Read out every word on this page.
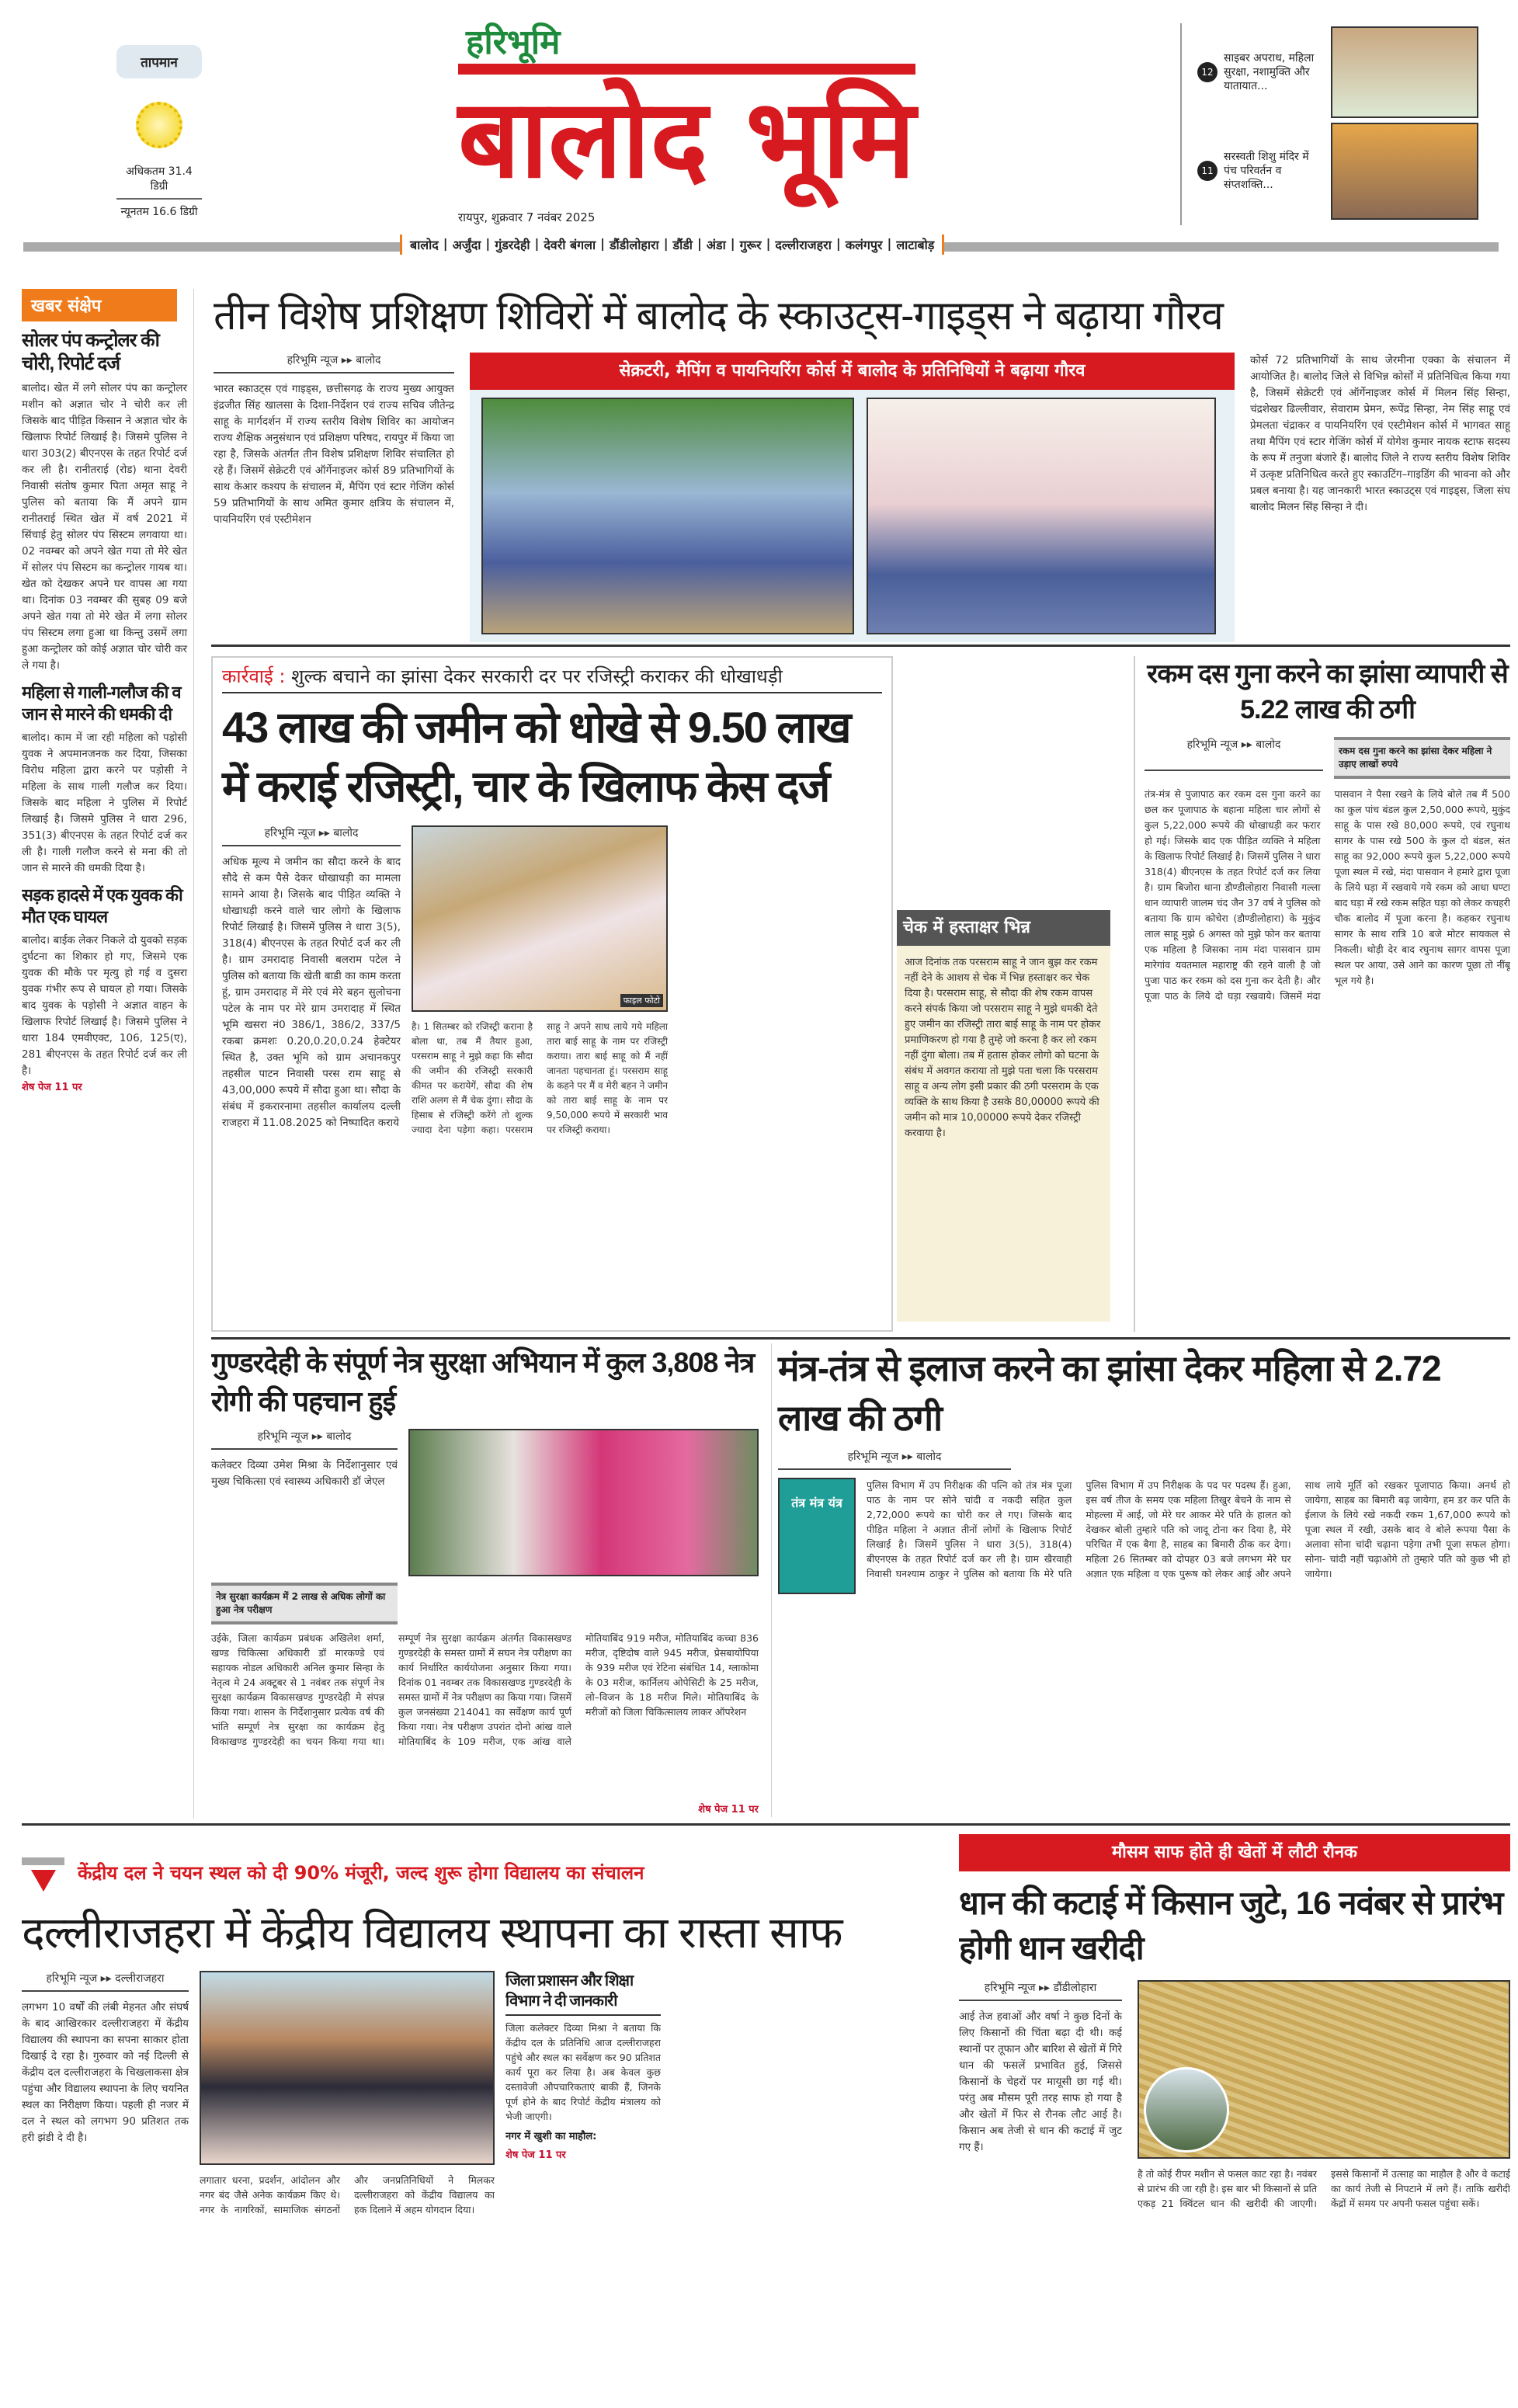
तापमान
अधिकतम 31.4 डिग्री
न्यूनतम 16.6 डिग्री
हरिभूमि
बालोद भूमि
रायपुर, शुक्रवार 7 नवंबर 2025
12
साइबर अपराध, महिला सुरक्षा, नशामुक्ति और यातायात...
11
सरस्वती शिशु मंदिर में पंच परिवर्तन व संप्तशक्ति...
बालोद | अर्जुंदा | गुंडरदेही | देवरी बंगला | डौंडीलोहारा | डौंडी | अंडा | गुरूर | दल्लीराजहरा | कलंगपुर | लाटाबोड़
खबर संक्षेप
सोलर पंप कन्ट्रोलर की चोरी, रिपोर्ट दर्ज
बालोद। खेत में लगे सोलर पंप का कन्ट्रोलर मशीन को अज्ञात चोर ने चोरी कर ली जिसके बाद पीड़ित किसान ने अज्ञात चोर के खिलाफ रिपोर्ट लिखाई है। जिसमे पुलिस ने धारा 303(2) बीएनएस के तहत रिपोर्ट दर्ज कर ली है। रानीतराई (रोड) थाना देवरी निवासी संतोष कुमार पिता अमृत साहू ने पुलिस को बताया कि मैं अपने ग्राम रानीतराई स्थित खेत में वर्ष 2021 में सिंचाई हेतु सोलर पंप सिस्टम लगवाया था। 02 नवम्बर को अपने खेत गया तो मेरे खेत में सोलर पंप सिस्टम का कन्ट्रोलर गायब था। खेत को देखकर अपने घर वापस आ गया था। दिनांक 03 नवम्बर की सुबह 09 बजे अपने खेत गया तो मेरे खेत में लगा सोलर पंप सिस्टम लगा हुआ था किन्तु उसमें लगा हुआ कन्ट्रोलर को कोई अज्ञात चोर चोरी कर ले गया है।
महिला से गाली-गलौज की व जान से मारने की धमकी दी
बालोद। काम में जा रही महिला को पड़ोसी युवक ने अपमानजनक कर दिया, जिसका विरोध महिला द्वारा करने पर पड़ोसी ने महिला के साथ गाली गलौज कर दिया। जिसके बाद महिला ने पुलिस में रिपोर्ट लिखाई है। जिसमे पुलिस ने धारा 296, 351(3) बीएनएस के तहत रिपोर्ट दर्ज कर ली है। गाली गलौज करने से मना की तो जान से मारने की धमकी दिया है।
सड़क हादसे में एक युवक की मौत एक घायल
बालोद। बाईक लेकर निकले दो युवको सड़क दुर्घटना का शिकार हो गए, जिसमे एक युवक की मौके पर मृत्यु हो गई व दुसरा युवक गंभीर रूप से घायल हो गया। जिसके बाद युवक के पड़ोसी ने अज्ञात वाहन के खिलाफ रिपोर्ट लिखाई है। जिसमे पुलिस ने धारा 184 एमवीएक्ट, 106, 125(ए), 281 बीएनएस के तहत रिपोर्ट दर्ज कर ली है।
शेष पेज 11 पर
तीन विशेष प्रशिक्षण शिविरों में बालोद के स्काउट्स-गाइड्स ने बढ़ाया गौरव
हरिभूमि न्यूज ▸▸ बालोद
भारत स्काउट्स एवं गाइड्स, छत्तीसगढ़ के राज्य मुख्य आयुक्त इंद्रजीत सिंह खालसा के दिशा-निर्देशन एवं राज्य सचिव जीतेन्द्र साहू के मार्गदर्शन में राज्य स्तरीय विशेष शिविर का आयोजन राज्य शैक्षिक अनुसंधान एवं प्रशिक्षण परिषद, रायपुर में किया जा रहा है, जिसके अंतर्गत तीन विशेष प्रशिक्षण शिविर संचालित हो रहे हैं। जिसमें सेक्रेटरी एवं ऑर्गेनाइजर कोर्स 89 प्रतिभागियों के साथ केआर कश्यप के संचालन में, मैपिंग एवं स्टार गेजिंग कोर्स 59 प्रतिभागियों के साथ अमित कुमार क्षत्रिय के संचालन में, पायनियरिंग एवं एस्टीमेशन
सेक्रटरी, मैपिंग व पायनियरिंग कोर्स में बालोद के प्रतिनिधियों ने बढ़ाया गौरव
कोर्स 72 प्रतिभागियों के साथ जेरमीना एक्का के संचालन में आयोजित है। बालोद जिले से विभिन्न कोर्सों में प्रतिनिधित्व किया गया है, जिसमें सेक्रेटरी एवं ऑर्गेनाइजर कोर्स में मिलन सिंह सिन्हा, चंद्रशेखर ढिल्लीवार, सेवाराम प्रेमन, रूपेंद्र सिन्हा, नेम सिंह साहू एवं प्रेमलता चंद्राकर व पायनियरिंग एवं एस्टीमेशन कोर्स में भागवत साहू तथा मैपिंग एवं स्टार गेजिंग कोर्स में योगेश कुमार नायक स्टाफ सदस्य के रूप में तनुजा बंजारे हैं। बालोद जिले ने राज्य स्तरीय विशेष शिविर में उत्कृष्ट प्रतिनिधित्व करते हुए स्काउटिंग–गाइडिंग की भावना को और प्रबल बनाया है। यह जानकारी भारत स्काउट्स एवं गाइड्स, जिला संघ बालोद मिलन सिंह सिन्हा ने दी।
कार्रवाई : शुल्क बचाने का झांसा देकर सरकारी दर पर रजिस्ट्री कराकर की धोखाधड़ी
43 लाख की जमीन को धोखे से 9.50 लाख में कराई रजिस्ट्री, चार के खिलाफ केस दर्ज
हरिभूमि न्यूज ▸▸ बालोद
अधिक मूल्य मे जमीन का सौदा करने के बाद सौदे से कम पैसे देकर धोखाधड़ी का मामला सामने आया है। जिसके बाद पीड़ित व्यक्ति ने धोखाधड़ी करने वाले चार लोगो के खिलाफ रिपोर्ट लिखाई है। जिसमें पुलिस ने धारा 3(5), 318(4) बीएनएस के तहत रिपोर्ट दर्ज कर ली है। ग्राम उमरादाह निवासी बलराम पटेल ने पुलिस को बताया कि खेती बाडी का काम करता हूं, ग्राम उमरादाह में मेरे एवं मेरे बहन सुलोचना पटेल के नाम पर मेरे ग्राम उमरादाह में स्थित भूमि खसरा नं0 386/1, 386/2, 337/5 रकबा क्रमशः 0.20,0.20,0.24 हेक्टेयर स्थित है, उक्त भूमि को ग्राम अचानकपुर तहसील पाटन निवासी परस राम साहू से 43,00,000 रूपये में सौदा हुआ था। सौदा के संबंध में इकरारनामा तहसील कार्यालय दल्ली राजहरा में 11.08.2025 को निष्पादित कराये
फाइल फोटो
है। 1 सितम्बर को रजिस्ट्री कराना है बोला था, तब मैं तैयार हुआ, परसराम साहू ने मुझे कहा कि सौदा की जमीन की रजिस्ट्री सरकारी कीमत पर करायेगें, सौदा की शेष राशि अलग से मैं चेक दुंगा। सौदा के हिसाब से रजिस्ट्री करेंगे तो शुल्क ज्यादा देना पड़ेगा कहा। परसराम साहू ने अपने साथ लाये गये महिला तारा बाई साहू के नाम पर रजिस्ट्री कराया। तारा बाई साहू को मैं नहीं जानता पहचानता हूं। परसराम साहू के कहने पर मैं व मेरी बहन ने जमीन को तारा बाई साहू के नाम पर 9,50,000 रूपये में सरकारी भाव पर रजिस्ट्री कराया।
चेक में हस्ताक्षर भिन्न
आज दिनांक तक परसराम साहू ने जान बुझ कर रकम नहीं देने के आशय से चेक में भिन्न हस्ताक्षर कर चेक दिया है। परसराम साहू, से सौदा की शेष रकम वापस करने संपर्क किया जो परसराम साहू ने मुझे धमकी देते हुए जमीन का रजिस्ट्री तारा बाई साहू के नाम पर होकर प्रमाणिकरण हो गया है तुम्हे जो करना है कर लो रकम नहीं दुंगा बोला। तब में हतास होकर लोगो को घटना के संबंध में अवगत कराया तो मुझे पता चला कि परसराम साहू व अन्य लोग इसी प्रकार की ठगी परसराम के एक व्यक्ति के साथ किया है उसके 80,00000 रूपये की जमीन को मात्र 10,00000 रूपये देकर रजिस्ट्री करवाया है।
रकम दस गुना करने का झांसा व्यापारी से 5.22 लाख की ठगी
हरिभूमि न्यूज ▸▸ बालोद	रकम दस गुना करने का झांसा देकर महिला ने उड़ाए लाखों रुपये
तंत्र-मंत्र से पुजापाठ कर रकम दस गुना करने का छल कर पूजापाठ के बहाना महिला चार लोगों से कुल 5,22,000 रूपये की धोखाधड़ी कर फरार हो गई। जिसके बाद एक पीड़ित व्यक्ति ने महिला के खिलाफ रिपोर्ट लिखाई है। जिसमें पुलिस ने धारा 318(4) बीएनएस के तहत रिपोर्ट दर्ज कर लिया है। ग्राम बिजोरा थाना डौण्डीलोहारा निवासी गल्ला धान व्यापारी जालम चंद जैन 37 वर्ष ने पुलिस को बताया कि ग्राम कोचेरा (डौण्डीलोहारा) के मुकुंद लाल साहू मुझे 6 अगस्त को मुझे फोन कर बताया एक महिला है जिसका नाम मंदा पासवान ग्राम मारेगांव यवतमाल महाराष्ट्र की रहने वाली है जो पुजा पाठ कर रकम को दस गुना कर देती है। और पूजा पाठ के लिये दो घड़ा रखवाये। जिसमें मंदा पासवान ने पैसा रखने के लिये बोले तब मैं 500 का कुल पांच बंडल कुल 2,50,000 रूपये, मुकुंद साहू के पास रखे 80,000 रूपये, एवं रघुनाथ सागर के पास रखे 500 के कुल दो बंडल, संत साहू का 92,000 रूपये कुल 5,22,000 रूपये पूजा स्थल में रखे, मंदा पासवान ने हमारे द्वारा पूजा के लिये घड़ा में रखवाये गये रकम को आधा घण्टा बाद घड़ा में रखे रकम सहित घड़ा को लेकर कचहरी चौक बालोद में पूजा करना है। कहकर रघुनाथ सागर के साथ रात्रि 10 बजे मोटर सायकल से निकली। थोड़ी देर बाद रघुनाथ सागर वापस पूजा स्थल पर आया, उसे आने का कारण पूछा तो नींबू भूल गये है।
गुण्डरदेही के संपूर्ण नेत्र सुरक्षा अभियान में कुल 3,808 नेत्र रोगी की पहचान हुई
हरिभूमि न्यूज ▸▸ बालोद
कलेक्टर दिव्या उमेश मिश्रा के निर्देशानुसार एवं मुख्य चिकित्सा एवं स्वास्थ्य अधिकारी डॉ जेएल
नेत्र सुरक्षा कार्यक्रम में 2 लाख से अधिक लोगों का हुआ नेत्र परीक्षण
उईके, जिला कार्यक्रम प्रबंधक अखिलेश शर्मा, खण्ड चिकित्सा अधिकारी डॉ मारकण्डे एवं सहायक नोडल अधिकारी अनिल कुमार सिन्हा के नेतृत्व मे 24 अक्टूबर से 1 नवंबर तक संपूर्ण नेत्र सुरक्षा कार्यक्रम विकासखण्ड गुण्डरदेही मे संपन्न किया गया। शासन के निर्देशानुसार प्रत्येक वर्ष की भांति सम्पूर्ण नेत्र सुरक्षा का कार्यक्रम हेतु विकाखण्ड गुण्डरदेही का चयन किया गया था। सम्पूर्ण नेत्र सुरक्षा कार्यक्रम अंतर्गत विकासखण्ड गुण्डरदेही के समस्त ग्रामों में सघन नेत्र परीक्षण का कार्य निर्धारित कार्ययोजना अनुसार किया गया। दिनांक 01 नवम्बर तक विकासखण्ड गुण्डरदेही के समस्त ग्रामों में नेत्र परीक्षण का किया गया। जिसमें कुल जनसंख्या 214041 का सर्वेक्षण कार्य पूर्ण किया गया। नेत्र परीक्षण उपरांत दोनो आंख वाले मोतियाबिंद के 109 मरीज, एक आंख वाले मोतियाबिंद 919 मरीज, मोतियाबिंद कच्चा 836 मरीज, दृष्टिदोष वाले 945 मरीज, प्रेसबायोपिया के 939 मरीज एवं रेटिना संबंधित 14, ग्लाकोमा के 03 मरीज, कार्निलय ओपेसिटी के 25 मरीज, लो–विजन के 18 मरीज मिले। मोतियाबिंद के मरीजों को जिला चिकित्सालय लाकर ऑपरेशन
शेष पेज 11 पर
मंत्र-तंत्र से इलाज करने का झांसा देकर महिला से 2.72 लाख की ठगी
हरिभूमि न्यूज ▸▸ बालोद
तंत्र मंत्र यंत्र
पुलिस विभाग में उप निरीक्षक की पत्नि को तंत्र मंत्र पूजा पाठ के नाम पर सोने चांदी व नकदी सहित कुल 2,72,000 रूपये का चोरी कर ले गए। जिसके बाद पीड़ित महिला ने अज्ञात तीनों लोगों के खिलाफ रिपोर्ट लिखाई है। जिसमें पुलिस ने धारा 3(5), 318(4) बीएनएस के तहत रिपोर्ट दर्ज कर ली है। ग्राम खैरवाही निवासी घनश्याम ठाकुर ने पुलिस को बताया कि मेरे पति पुलिस विभाग में उप निरीक्षक के पद पर पदस्थ हैं। हुआ, इस वर्ष तीज के समय एक महिला तिखुर बेचने के नाम से मोहल्ला में आई, जो मेरे घर आकर मेरे पति के हालत को देखकर बोली तुम्हारे पति को जादू टोना कर दिया है, मेरे परिचित में एक बैगा है, साहब का बिमारी ठीक कर देगा। महिला 26 सितम्बर को दोपहर 03 बजे लगभग मेरे घर अज्ञात एक महिला व एक पुरूष को लेकर आई और अपने साथ लाये मूर्ति को रखकर पूजापाठ किया। अनर्थ हो जायेगा, साहब का बिमारी बढ़ जायेगा, हम डर कर पति के ईलाज के लिये रखे नकदी रकम 1,67,000 रूपये को पूजा स्थल में रखी, उसके बाद वे बोले रूपया पैसा के अलावा सोना चांदी चढ़ाना पड़ेगा तभी पूजा सफल होगा। सोना- चांदी नहीं चढ़ाओगे तो तुम्हारे पति को कुछ भी हो जायेगा।
केंद्रीय दल ने चयन स्थल को दी 90% मंजूरी, जल्द शुरू होगा विद्यालय का संचालन
दल्लीराजहरा में केंद्रीय विद्यालय स्थापना का रास्ता साफ
हरिभूमि न्यूज ▸▸ दल्लीराजहरा
लगभग 10 वर्षों की लंबी मेहनत और संघर्ष के बाद आखिरकार दल्लीराजहरा में केंद्रीय विद्यालय की स्थापना का सपना साकार होता दिखाई दे रहा है। गुरुवार को नई दिल्ली से केंद्रीय दल दल्लीराजहरा के चिखलाकसा क्षेत्र पहुंचा और विद्यालय स्थापना के लिए चयनित स्थल का निरीक्षण किया। पहली ही नजर में दल ने स्थल को लगभग 90 प्रतिशत तक हरी झंडी दे दी है।
लगातार धरना, प्रदर्शन, आंदोलन और नगर बंद जैसे अनेक कार्यक्रम किए थे। नगर के नागरिकों, सामाजिक संगठनों और जनप्रतिनिधियों ने मिलकर दल्लीराजहरा को केंद्रीय विद्यालय का हक दिलाने में अहम योगदान दिया।
जिला प्रशासन और शिक्षा विभाग ने दी जानकारी
जिला कलेक्टर दिव्या मिश्रा ने बताया कि केंद्रीय दल के प्रतिनिधि आज दल्लीराजहरा पहुंचे और स्थल का सर्वेक्षण कर 90 प्रतिशत कार्य पूरा कर लिया है। अब केवल कुछ दस्तावेजी औपचारिकताएं बाकी हैं, जिनके पूर्ण होने के बाद रिपोर्ट केंद्रीय मंत्रालय को भेजी जाएगी।
नगर में खुशी का माहौल:
शेष पेज 11 पर
मौसम साफ होते ही खेतों में लौटी रौनक
धान की कटाई में किसान जुटे, 16 नवंबर से प्रारंभ होगी धान खरीदी
हरिभूमि न्यूज ▸▸ डौंडीलोहारा
आई तेज हवाओं और वर्षा ने कुछ दिनों के लिए किसानों की चिंता बढ़ा दी थी। कई स्थानों पर तूफान और बारिश से खेतों में गिरे धान की फसलें प्रभावित हुई, जिससे किसानों के चेहरों पर मायूसी छा गई थी। परंतु अब मौसम पूरी तरह साफ हो गया है और खेतों में फिर से रौनक लौट आई है। किसान अब तेजी से धान की कटाई में जुट गए हैं।
है तो कोई रीपर मशीन से फसल काट रहा है। नवंबर से प्रारंभ की जा रही है। इस बार भी किसानों से प्रति एकड़ 21 क्विंटल धान की खरीदी की जाएगी। इससे किसानों में उत्साह का माहौल है और वे कटाई का कार्य तेजी से निपटाने में लगे हैं। ताकि खरीदी केंद्रों में समय पर अपनी फसल पहुंचा सकें।
